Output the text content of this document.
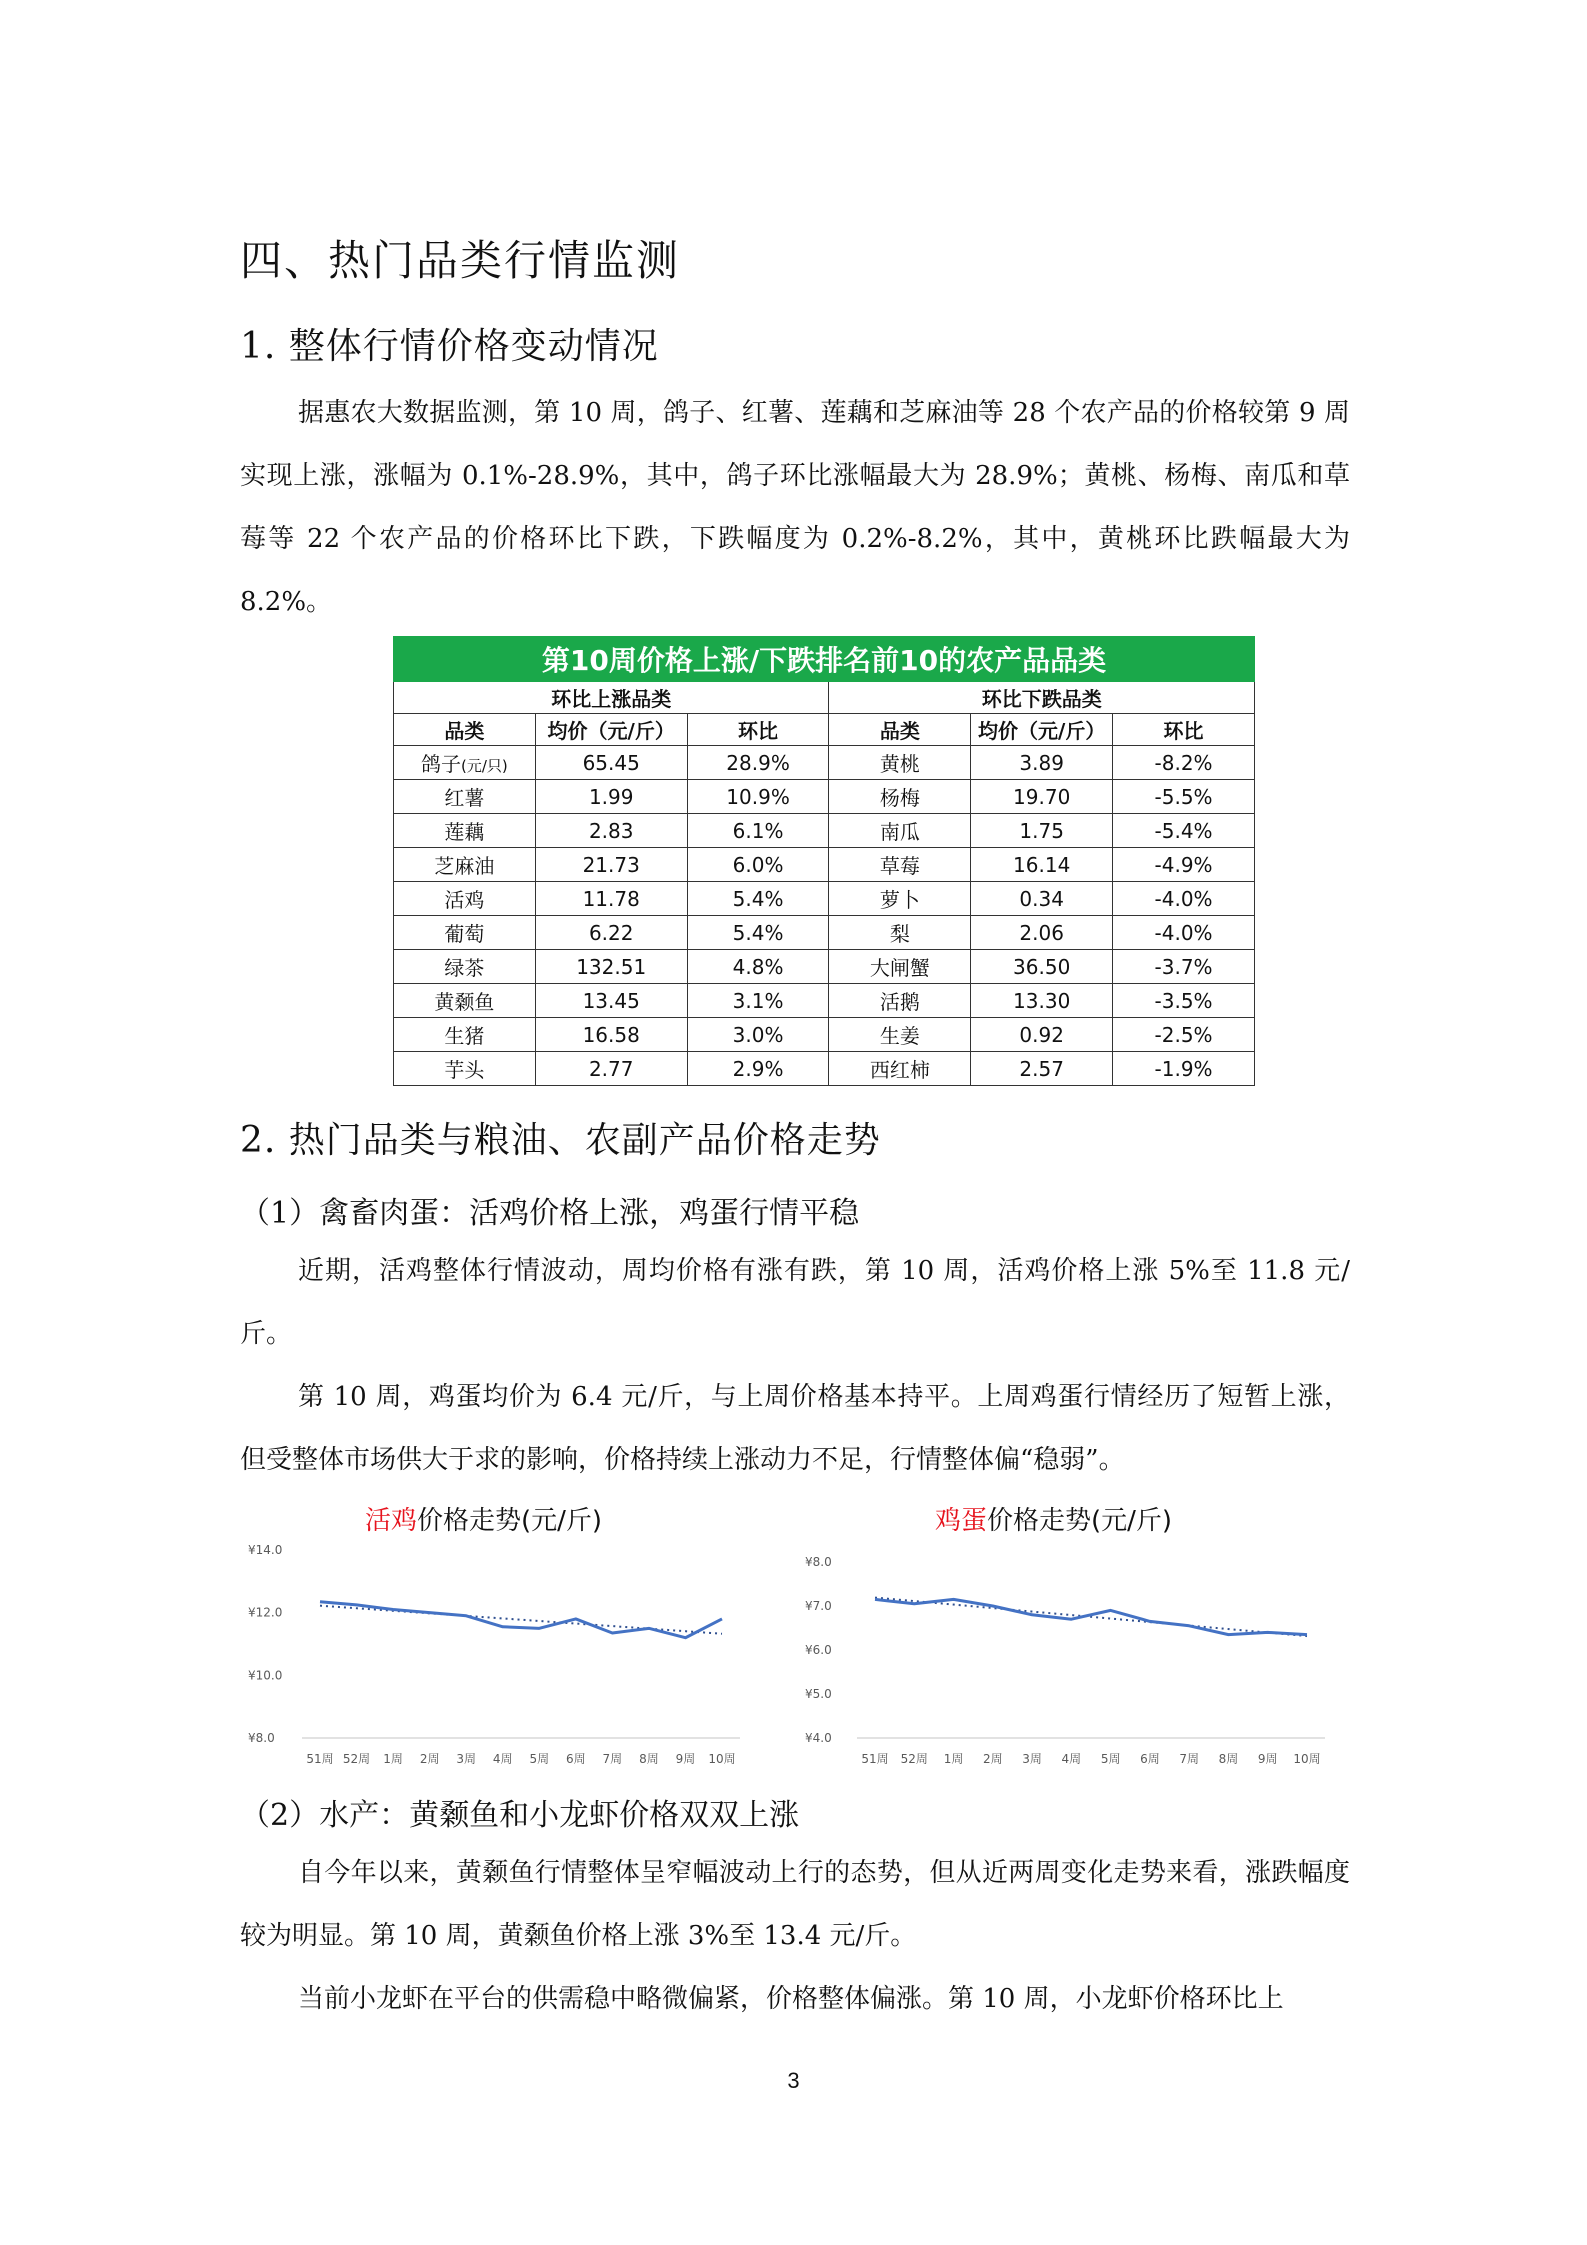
四、热门品类行情监测
1. 整体行情价格变动情况

据惠农大数据监测，第 10 周，鸽子、红薯、莲藕和芝麻油等 28 个农产品的价格较第 9 周实现上涨，涨幅为 0.1%-28.9%，其中，鸽子环比涨幅最大为 28.9%；黄桃、杨梅、南瓜和草莓等 22 个农产品的价格环比下跌，下跌幅度为 0.2%-8.2%，其中，黄桃环比跌幅最大为 8.2%。

第10周价格上涨/下跌排名前10的农产品品类					
环比上涨品类			环比下跌品类		
品类	均价（元/斤）	环比	品类	均价（元/斤）	环比
鸽子(元/只)	65.45	28.9%	黄桃	3.89	-8.2%
红薯	1.99	10.9%	杨梅	19.70	-5.5%
莲藕	2.83	6.1%	南瓜	1.75	-5.4%
芝麻油	21.73	6.0%	草莓	16.14	-4.9%
活鸡	11.78	5.4%	萝卜	0.34	-4.0%
葡萄	6.22	5.4%	梨	2.06	-4.0%
绿茶	132.51	4.8%	大闸蟹	36.50	-3.7%
黄颡鱼	13.45	3.1%	活鹅	13.30	-3.5%
生猪	16.58	3.0%	生姜	0.92	-2.5%
芋头	2.77	2.9%	西红柿	2.57	-1.9%
2. 热门品类与粮油、农副产品价格走势
（1）禽畜肉蛋：活鸡价格上涨，鸡蛋行情平稳

近期，活鸡整体行情波动，周均价格有涨有跌，第 10 周，活鸡价格上涨 5%至 11.8 元/斤。

第 10 周，鸡蛋均价为 6.4 元/斤，与上周价格基本持平。上周鸡蛋行情经历了短暂上涨，但受整体市场供大于求的影响，价格持续上涨动力不足，行情整体偏“稳弱”。

活鸡价格走势(元/斤)
¥14.0
¥12.0
¥10.0
¥8.0
51周 52周 1周 2周 3周 4周 5周 6周 7周 8周 9周 10周
鸡蛋价格走势(元/斤)
¥8.0
¥7.0
¥6.0
¥5.0
¥4.0
51周 52周 1周 2周 3周 4周 5周 6周 7周 8周 9周 10周
（2）水产：黄颡鱼和小龙虾价格双双上涨

自今年以来，黄颡鱼行情整体呈窄幅波动上行的态势，但从近两周变化走势来看，涨跌幅度较为明显。第 10 周，黄颡鱼价格上涨 3%至 13.4 元/斤。

当前小龙虾在平台的供需稳中略微偏紧，价格整体偏涨。第 10 周，小龙虾价格环比上

3
